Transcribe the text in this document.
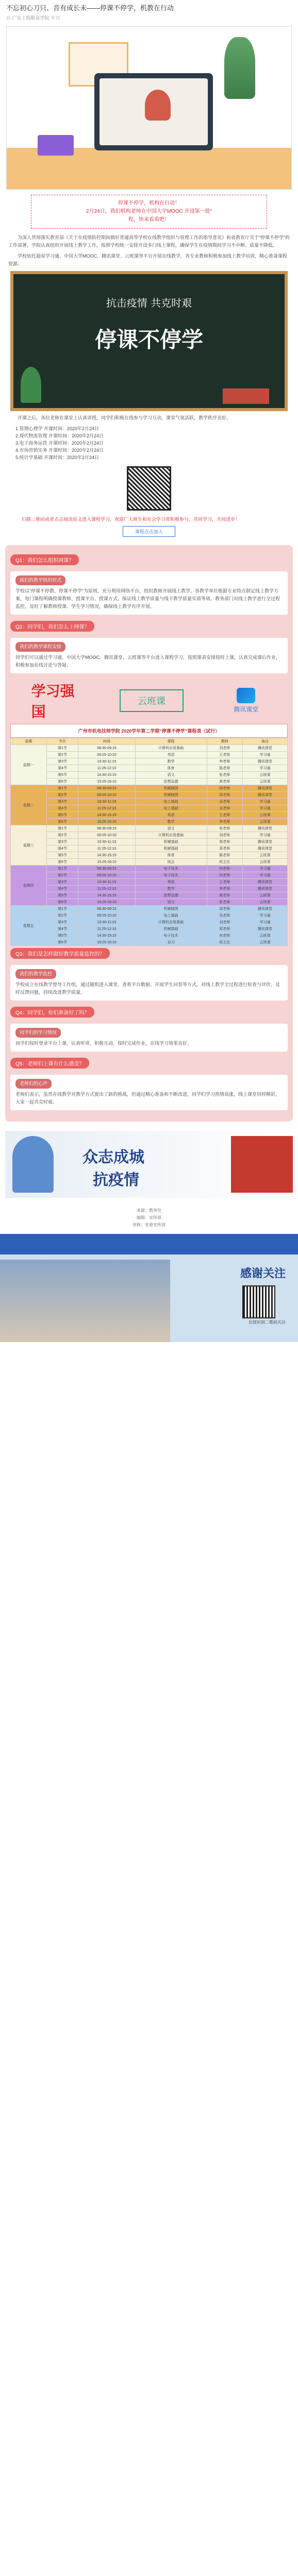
不忘初心刀只、音有成长未——停课不停学，机教在行动
公 广东工程职业学院 卡刀
停课不停学，机构在行动！
2月24日，我们机构老师在中国大学MOOC 开设第一批“
程，快来看看吧！

为深入贯彻落实教育部《关于在疫情防控期间做好普通高等学校在线教学组织与管理工作的指导意见》和省教育厅关于“停课不停学”的工作部署，学院认真组织开展线上教学工作，按照学校统一安排开设多门线上课程，确保学生在疫情期间学习不中断、质量不降低。

学校依托超星学习通、中国大学MOOC、腾讯课堂、云班课等平台开展在线教学，各专业教师积极参加线上教学培训，精心准备课程资源。

抗击疫情 共克时艰
停课不停学

开课之后，各位老师在课堂上认真讲授，同学们积极在线参与学习互动，课堂气氛活跃，教学秩序良好。

1.管理心理学 开课时间：2020年2月24日
2.现代物流管理 开课时间：2020年2月24日
3.电子商务运营 开课时间：2020年2月24日
4.市场营销实务 开课时间：2020年2月24日
5.统计学基础 开课时间：2020年2月24日

扫描二维码或者点击阅读原文进入课程学习，欢迎广大师生和社会学习者积极参与，共同学习，共同进步！

课程点击加入
Q1：我们怎么组织网课？
我们的教学组织形式
学校以“停课不停教、停课不停学”为原则，充分利用网络平台，组织教师开展线上教学。各教学单位根据专业特点制定线上教学方案，每门课程明确授课教师、授课平台、授课方式，保证线上教学质量与线下教学质量实质等效。教务部门对线上教学进行全过程监控，及时了解教师授课、学生学习情况，确保线上教学有序开展。
Q2：同学们，我们怎么上网课？
我们的教学课程安排
同学们可以通过学习通、中国大学MOOC、腾讯课堂、云班课等平台进入课程学习，按照课表安排按时上课，认真完成课后作业，积极参加在线讨论与答疑。
学习强国
云班课
腾讯课堂
广州市机电技师学院 2020学年第二学期“停课不停学”课程表（试行）
星期	节次	时间	课程	教师	备注
星期一	第1节	08:30-09:15	计算机应用基础	刘老师	腾讯课堂
	第2节	09:25-10:10	英语	王老师	学习通
	第3节	10:30-11:15	数学	李老师	腾讯课堂
	第4节	11:25-12:10	体育	陈老师	学习通
	第5节	14:30-15:15	语文	张老师	云班课
	第6节	15:25-16:10	思想品德	黄老师	云班课
星期二	第1节	08:30-09:15	机械制图	周老师	腾讯课堂
	第2节	09:25-10:10	机械制图	周老师	腾讯课堂
	第3节	10:30-11:15	电工基础	吴老师	学习通
	第4节	11:25-12:10	电工基础	吴老师	学习通
	第5节	14:30-15:15	英语	王老师	云班课
	第6节	15:25-16:10	数学	李老师	云班课
星期三	第1节	08:30-09:15	语文	张老师	腾讯课堂
	第2节	09:25-10:10	计算机应用基础	刘老师	学习通
	第3节	10:30-11:15	机械基础	郑老师	腾讯课堂
	第4节	11:25-12:10	机械基础	郑老师	腾讯课堂
	第5节	14:30-15:15	体育	陈老师	云班课
	第6节	15:25-16:10	班会	班主任	云班课
星期四	第1节	08:30-09:15	电子技术	何老师	学习通
	第2节	09:25-10:10	电子技术	何老师	学习通
	第3节	10:30-11:15	英语	王老师	腾讯课堂
	第4节	11:25-12:10	数学	李老师	腾讯课堂
	第5节	14:30-15:15	思想品德	黄老师	云班课
	第6节	15:25-16:10	语文	张老师	云班课
星期五	第1节	08:30-09:15	机械制图	周老师	腾讯课堂
	第2节	09:25-10:10	电工基础	吴老师	学习通
	第3节	10:30-11:15	计算机应用基础	刘老师	学习通
	第4节	11:25-12:10	机械基础	郑老师	腾讯课堂
	第5节	14:30-15:15	电子技术	何老师	云班课
	第6节	15:25-16:10	自习	班主任	云班课
Q3：我们是怎样做好教学质量监控的？
我们的教学监控
学校成立在线教学督导工作组，通过随机进入课堂、查看平台数据、开展学生问卷等方式，对线上教学全过程进行检查与评价，及时反馈问题，持续改进教学质量。
Q4：同学们，你们准备好了吗？
同学们的学习情况
同学们按时登录平台上课，认真听讲，积极互动，按时完成作业，在线学习效果良好。
Q5：老师们上课有什么感受？
老师们的心声
老师们表示，虽然在线教学对教学方式提出了新的挑战，但通过精心准备和不断改进，同学们学习热情高涨，线上课堂同样精彩，大家一起共克时艰。
众志成城
抗疫情
来源：教务处
编辑：宣传部
审核：党委宣传部
感谢关注
长按识别二维码关注
